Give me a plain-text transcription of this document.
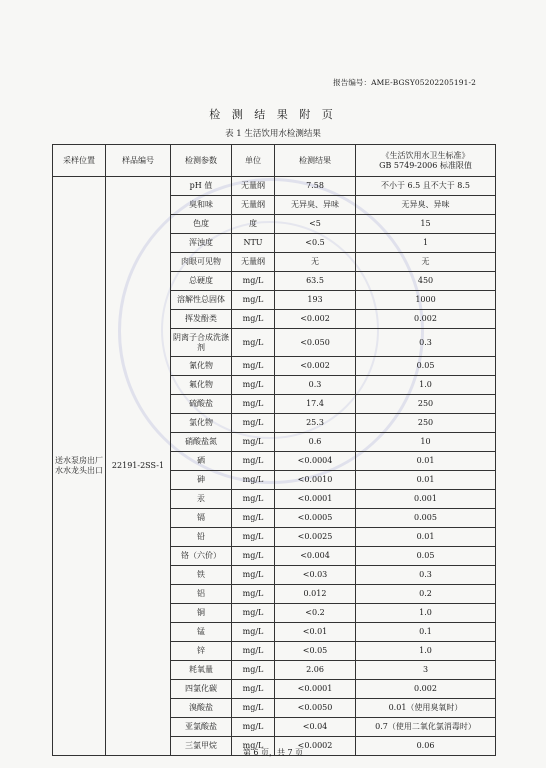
报告编号：AME-BGSY05202205191-2
检 测 结 果 附 页
表 1 生活饮用水检测结果
采样位置	样品编号	检测参数	单位	检测结果	《生活饮用水卫生标准》
GB 5749-2006 标准限值

送水泵房出厂水水龙头出口	22191-2SS-1	pH 值	无量纲	7.58	不小于 6.5 且不大于 8.5
		臭和味	无量纲	无异臭、异味	无异臭、异味
		色度	度	<5	15
		浑浊度	NTU	<0.5	1
		肉眼可见物	无量纲	无	无
		总硬度	mg/L	63.5	450
		溶解性总固体	mg/L	193	1000
		挥发酚类	mg/L	<0.002	0.002
		阴离子合成洗涤剂	mg/L	<0.050	0.3
		氰化物	mg/L	<0.002	0.05
		氟化物	mg/L	0.3	1.0
		硫酸盐	mg/L	17.4	250
		氯化物	mg/L	25.3	250
		硝酸盐氮	mg/L	0.6	10
		硒	mg/L	<0.0004	0.01
		砷	mg/L	<0.0010	0.01
		汞	mg/L	<0.0001	0.001
		镉	mg/L	<0.0005	0.005
		铅	mg/L	<0.0025	0.01
		铬（六价）	mg/L	<0.004	0.05
		铁	mg/L	<0.03	0.3
		铝	mg/L	0.012	0.2
		铜	mg/L	<0.2	1.0
		锰	mg/L	<0.01	0.1
		锌	mg/L	<0.05	1.0
		耗氧量	mg/L	2.06	3
		四氯化碳	mg/L	<0.0001	0.002
		溴酸盐	mg/L	<0.0050	0.01（使用臭氧时）
		亚氯酸盐	mg/L	<0.04	0.7（使用二氧化氯消毒时）
		三氯甲烷	mg/L	<0.0002	0.06
第 6 页，共 7 页
